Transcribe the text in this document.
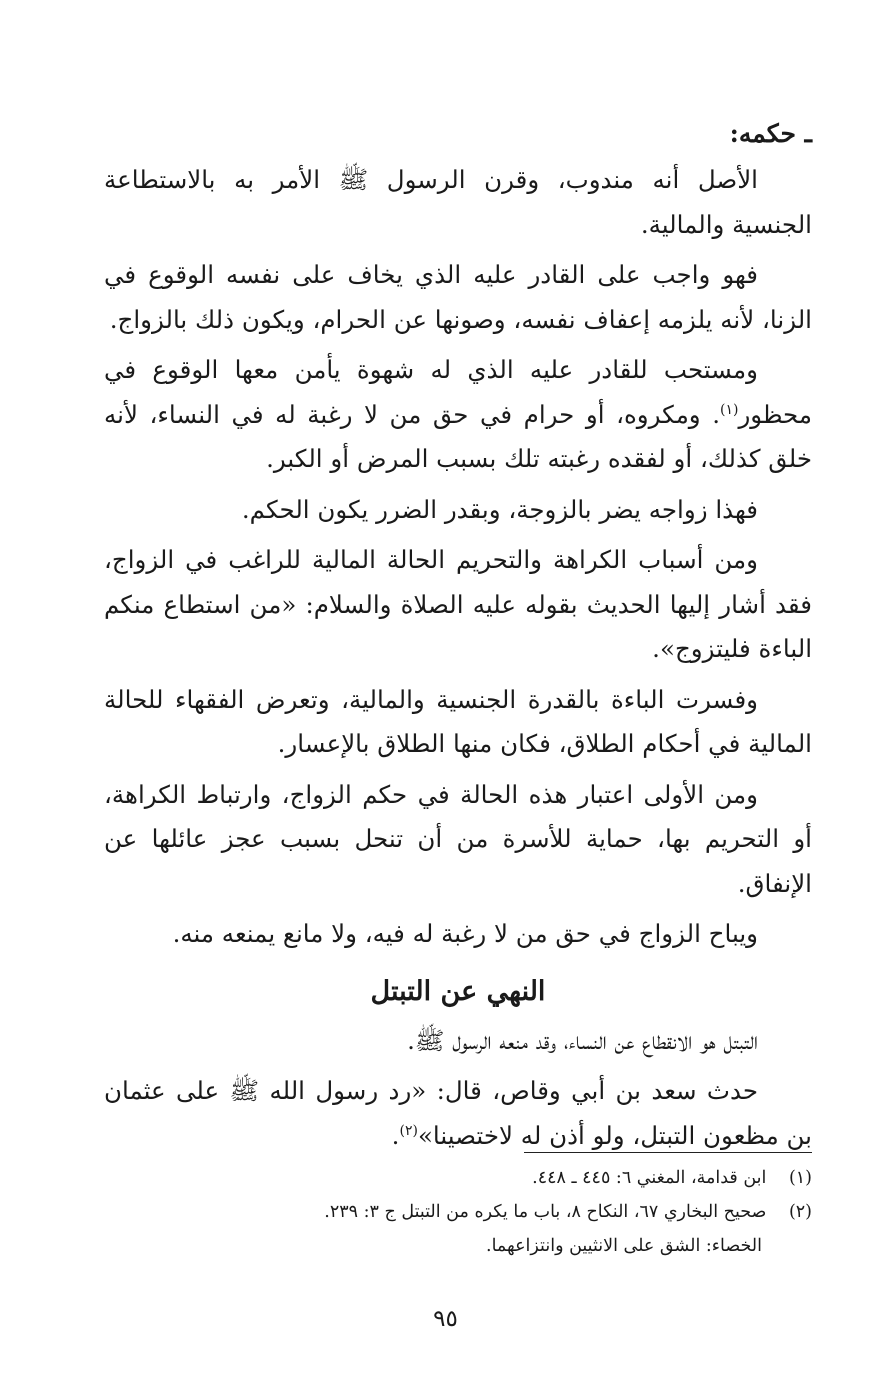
ـ حكمه:

الأصل أنه مندوب، وقرن الرسول ﷺ الأمر به بالاستطاعة الجنسية والمالية.

فهو واجب على القادر عليه الذي يخاف على نفسه الوقوع في الزنا، لأنه يلزمه إعفاف نفسه، وصونها عن الحرام، ويكون ذلك بالزواج.

ومستحب للقادر عليه الذي له شهوة يأمن معها الوقوع في محظور$^{(١)}$. ومكروه، أو حرام في حق من لا رغبة له في النساء، لأنه خلق كذلك، أو لفقده رغبته تلك بسبب المرض أو الكبر.

فهذا زواجه يضر بالزوجة، وبقدر الضرر يكون الحكم.

ومن أسباب الكراهة والتحريم الحالة المالية للراغب في الزواج، فقد أشار إليها الحديث بقوله عليه الصلاة والسلام: «من استطاع منكم الباءة فليتزوج».

وفسرت الباءة بالقدرة الجنسية والمالية، وتعرض الفقهاء للحالة المالية في أحكام الطلاق، فكان منها الطلاق بالإعسار.

ومن الأولى اعتبار هذه الحالة في حكم الزواج، وارتباط الكراهة، أو التحريم بها، حماية للأسرة من أن تنحل بسبب عجز عائلها عن الإنفاق.

ويباح الزواج في حق من لا رغبة له فيه، ولا مانع يمنعه منه.

النهي عن التبتل

التبتل هو الانقطاع عن النساء، وقد منعه الرسول ﷺ.

حدث سعد بن أبي وقاص، قال: «رد رسول الله ﷺ على عثمان بن مظعون التبتل، ولو أذن له لاختصينا»$^{(٢)}$.

(١) ابن قدامة، المغني ٦: ٤٤٥ ـ ٤٤٨.
(٢) صحيح البخاري ٦٧، النكاح ٨، باب ما يكره من التبتل ج ٣: ٢٣٩.
الخصاء: الشق على الانثيين وانتزاعهما.
٩٥
